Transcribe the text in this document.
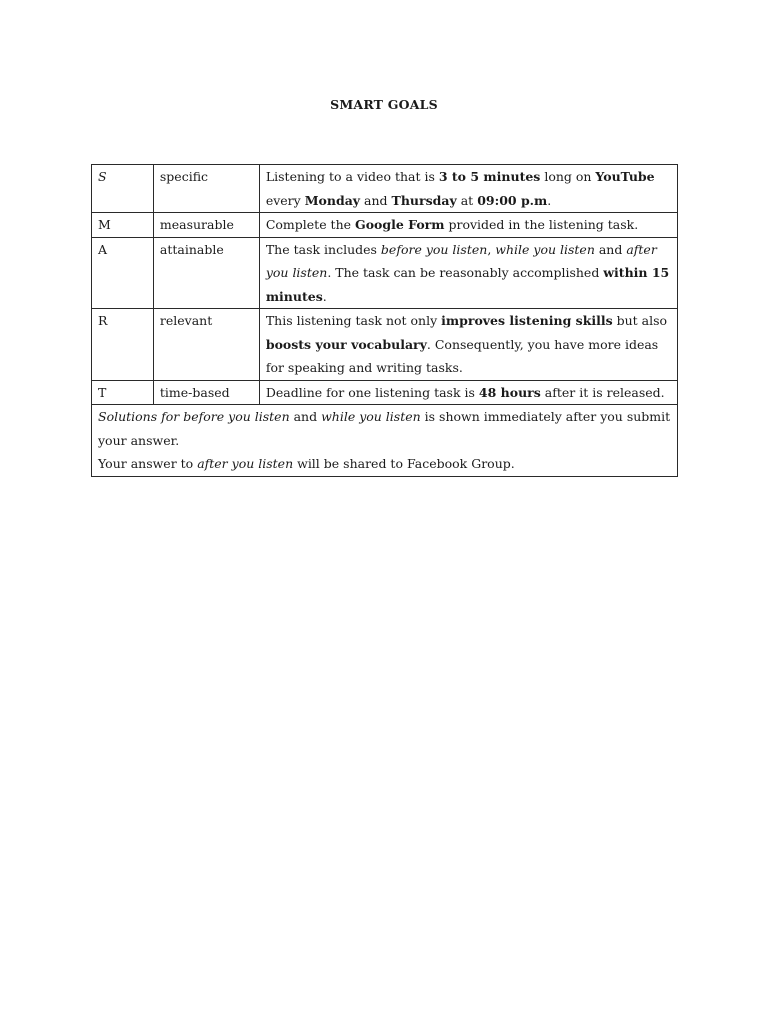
SMART GOALS
S	specific	Listening to a video that is 3 to 5 minutes long on YouTube every Monday and Thursday at 09:00 p.m.
M	measurable	Complete the Google Form provided in the listening task.
A	attainable	The task includes before you listen, while you listen and after you listen. The task can be reasonably accomplished within 15 minutes.
R	relevant	This listening task not only improves listening skills but also boosts your vocabulary. Consequently, you have more ideas for speaking and writing tasks.
T	time-based	Deadline for one listening task is 48 hours after it is released.

Solutions for before you listen and while you listen is shown immediately after you submit your answer.
Your answer to after you listen will be shared to Facebook Group.		
